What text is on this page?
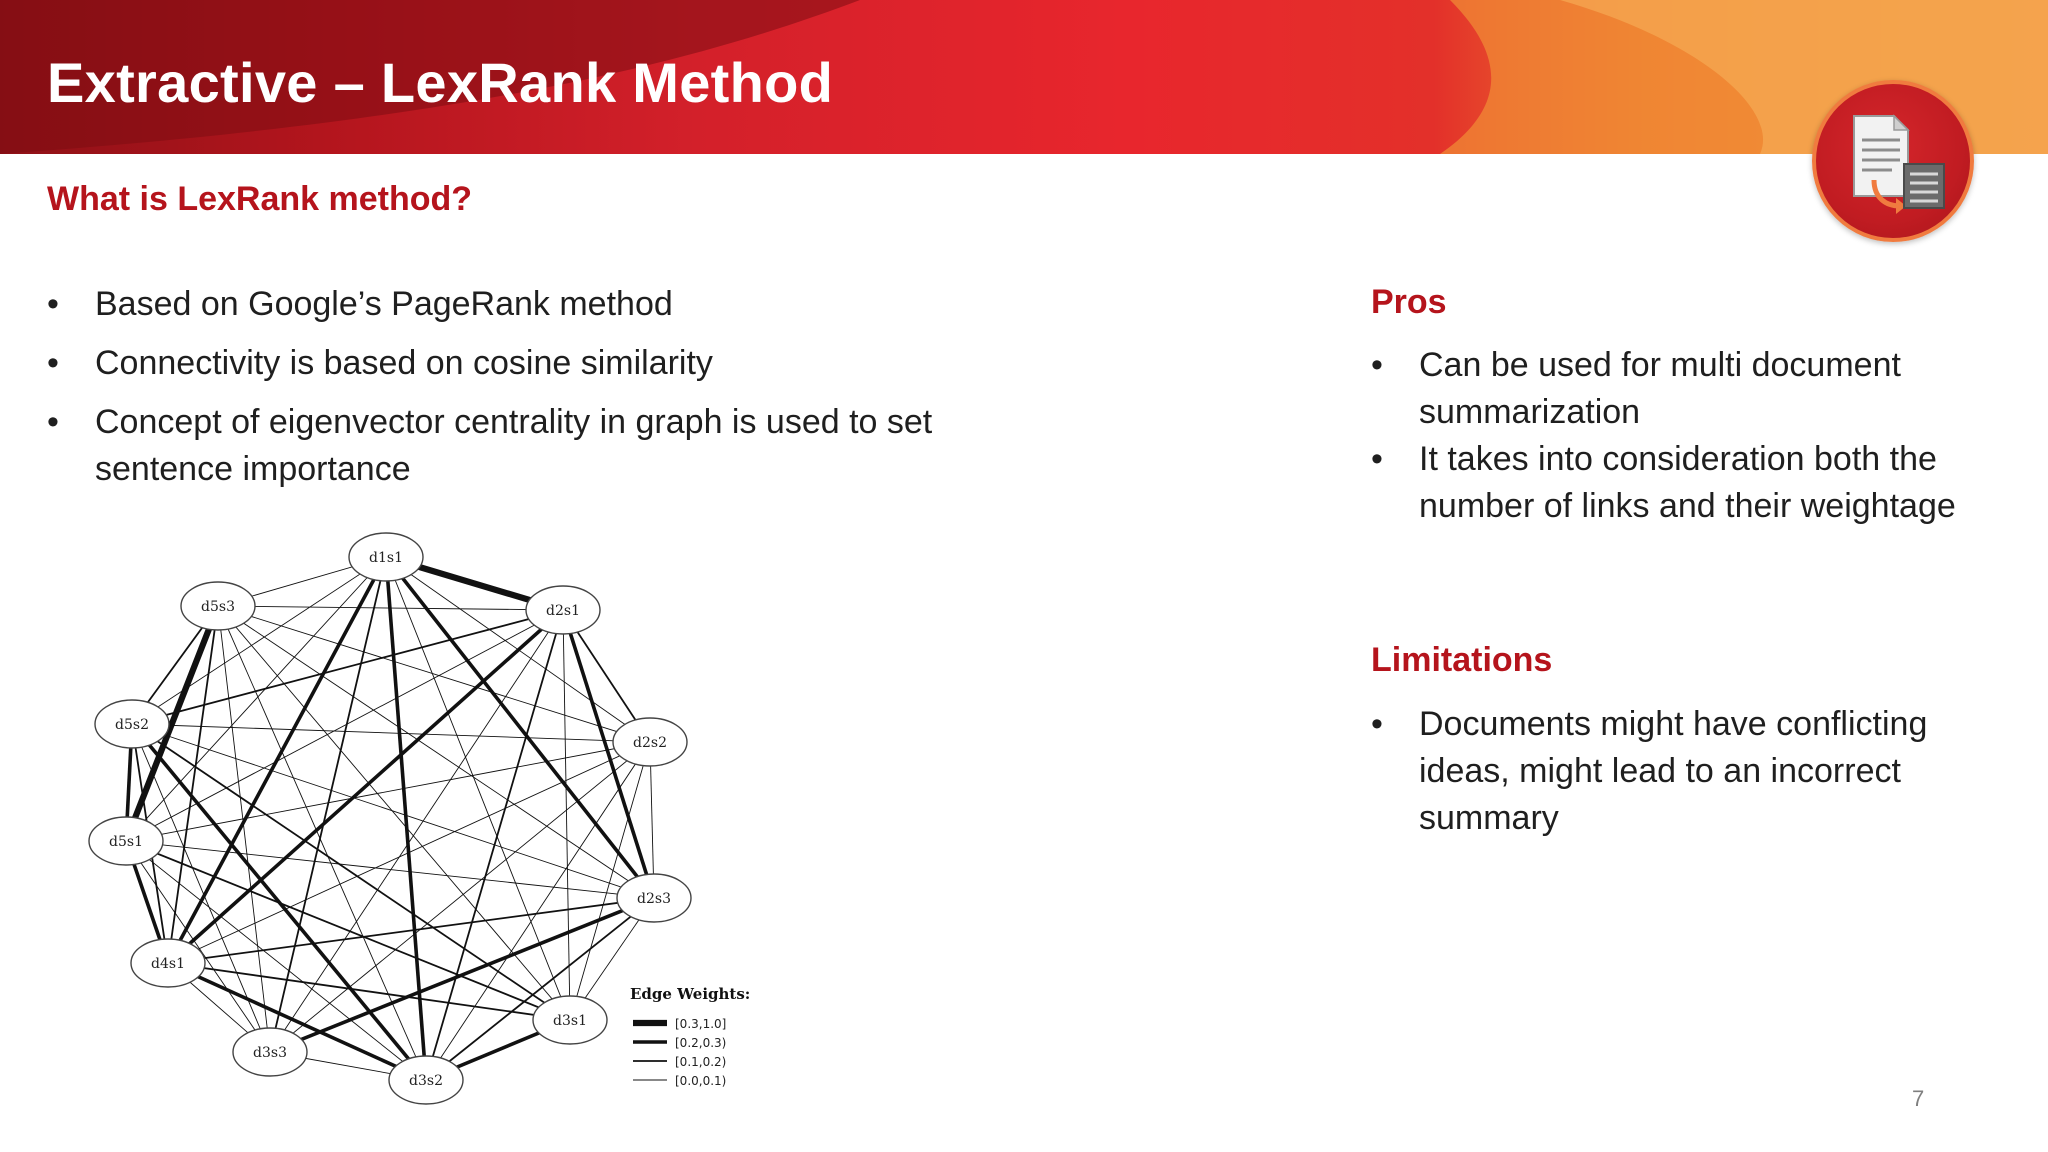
Extractive – LexRank Method
What is LexRank method?
• Based on Google’s PageRank method
• Connectivity is based on cosine similarity
• Concept of eigenvector centrality in graph is used to set sentence importance
Pros
• Can be used for multi document summarization
• It takes into consideration both the number of links and their weightage
Limitations
• Documents might have conflicting ideas, might lead to an incorrect summary
d1s1
d2s1
d2s2
d2s3
d3s1
d3s2
d3s3
d4s1
d5s1
d5s2
d5s3
Edge Weights:
[0.3,1.0]
[0.2,0.3)
[0.1,0.2)
[0.0,0.1)
7
